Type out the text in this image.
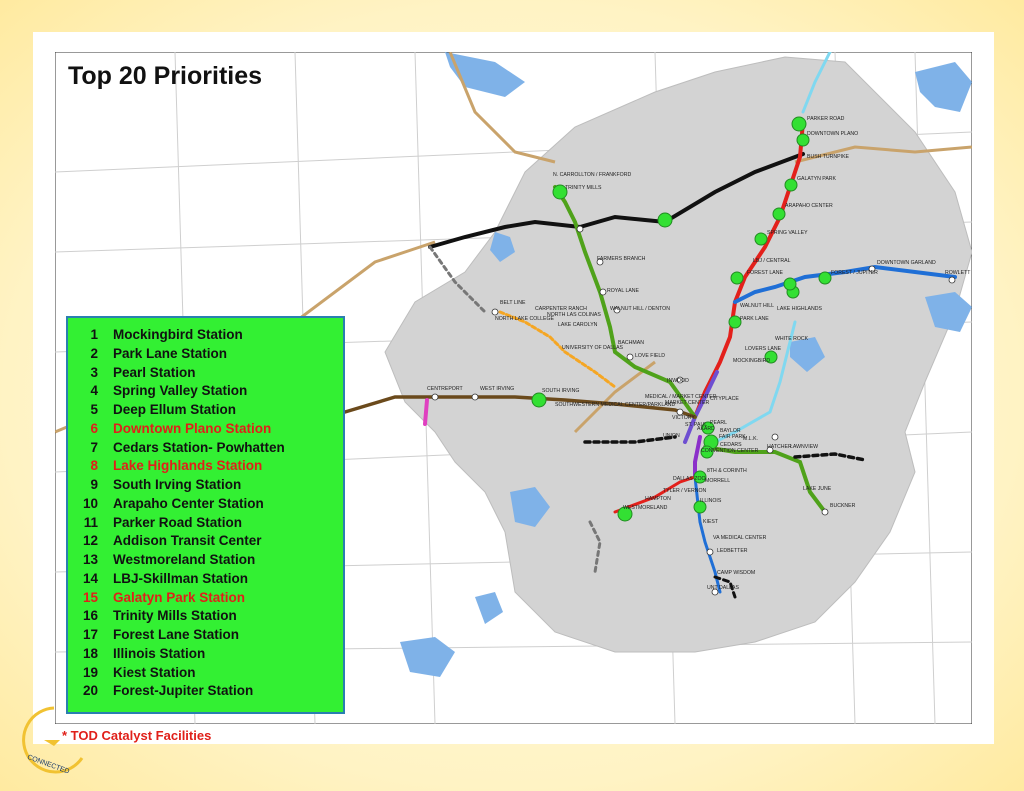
PARKER ROAD
DOWNTOWN PLANO
BUSH TURNPIKE
GALATYN PARK
ARAPAHO CENTER
SPRING VALLEY
LBJ / CENTRAL
FOREST LANE
WALNUT HILL
PARK LANE
LOVERS LANE
MOCKINGBIRD
LAKE HIGHLANDS
WHITE ROCK
FOREST / JUPITER
DOWNTOWN GARLAND
ROWLETT
N. CARROLLTON / FRANKFORD
TRINITY MILLS
FARMERS BRANCH
ROYAL LANE
WALNUT HILL / DENTON
BACHMAN
LOVE FIELD
INWOOD
BELT LINE
CARPENTER RANCH
NORTH LAS COLINAS
NORTH LAKE COLLEGE
LAKE CAROLYN
UNIVERSITY OF DALLAS
CENTREPORT	WEST IRVING	SOUTH IRVING
SOUTHWESTERN MEDICAL CENTER/PARKLAND
MEDICAL / MARKET CENTER
MARKET CENTER
CITYPLACE
VICTORY
UNION
PEARL
ST. PAUL
AKARD BAYLOR
M.L.K.
FAIR PARK
CEDARS
CONVENTION CENTER
HATCHER
LAWNVIEW
LAKE JUNE
BUCKNER
8TH & CORINTH
MORRELL
DALLAS ZOO
TYLER / VERNON
HAMPTON	ILLINOIS
WESTMORELAND
KIEST
VA MEDICAL CENTER
LEDBETTER
CAMP WISDOM
UNT DALLAS
Top 20 Priorities
1 Mockingbird Station
2 Park Lane Station
3 Pearl Station
4 Spring Valley Station
5 Deep Ellum Station
6 Downtown Plano Station
7 Cedars Station- Powhatten
8 Lake Highlands Station
9 South Irving Station
10 Arapaho Center Station
11 Parker Road Station
12 Addison Transit Center
13 Westmoreland Station
14 LBJ-Skillman Station
15 Galatyn Park Station
16 Trinity Mills Station
17 Forest Lane Station
18 Illinois Station
19 Kiest Station
20 Forest-Jupiter Station
* TOD Catalyst Facilities
CONNECTED
